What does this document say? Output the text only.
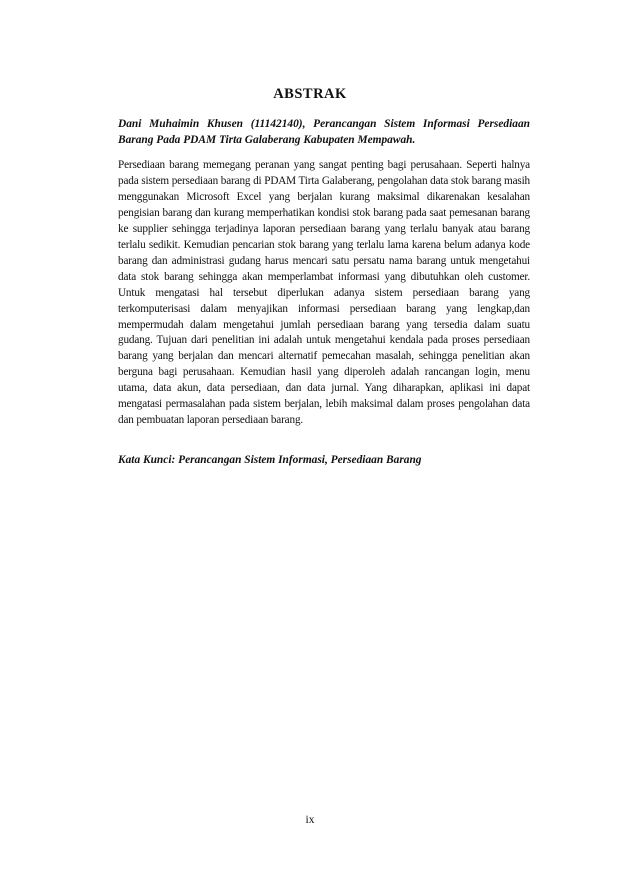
ABSTRAK
Dani Muhaimin Khusen (11142140), Perancangan Sistem Informasi Persediaan Barang Pada PDAM Tirta Galaberang Kabupaten Mempawah.
Persediaan barang memegang peranan yang sangat penting bagi perusahaan. Seperti halnya pada sistem persediaan barang di PDAM Tirta Galaberang, pengolahan data stok barang masih menggunakan Microsoft Excel yang berjalan kurang maksimal dikarenakan kesalahan pengisian barang dan kurang memperhatikan kondisi stok barang pada saat pemesanan barang ke supplier sehingga terjadinya laporan persediaan barang yang terlalu banyak atau barang terlalu sedikit. Kemudian pencarian stok barang yang terlalu lama karena belum adanya kode barang dan administrasi gudang harus mencari satu persatu nama barang untuk mengetahui data stok barang sehingga akan memperlambat informasi yang dibutuhkan oleh customer. Untuk mengatasi hal tersebut diperlukan adanya sistem persediaan barang yang terkomputerisasi dalam menyajikan informasi persediaan barang yang lengkap,dan mempermudah dalam mengetahui jumlah persediaan barang yang tersedia dalam suatu gudang. Tujuan dari penelitian ini adalah untuk mengetahui kendala pada proses persediaan barang yang berjalan dan mencari alternatif pemecahan masalah, sehingga penelitian akan berguna bagi perusahaan. Kemudian hasil yang diperoleh adalah rancangan login, menu utama, data akun, data persediaan, dan data jurnal. Yang diharapkan, aplikasi ini dapat mengatasi permasalahan pada sistem berjalan, lebih maksimal dalam proses pengolahan data dan pembuatan laporan persediaan barang.
Kata Kunci: Perancangan Sistem Informasi, Persediaan Barang
ix
